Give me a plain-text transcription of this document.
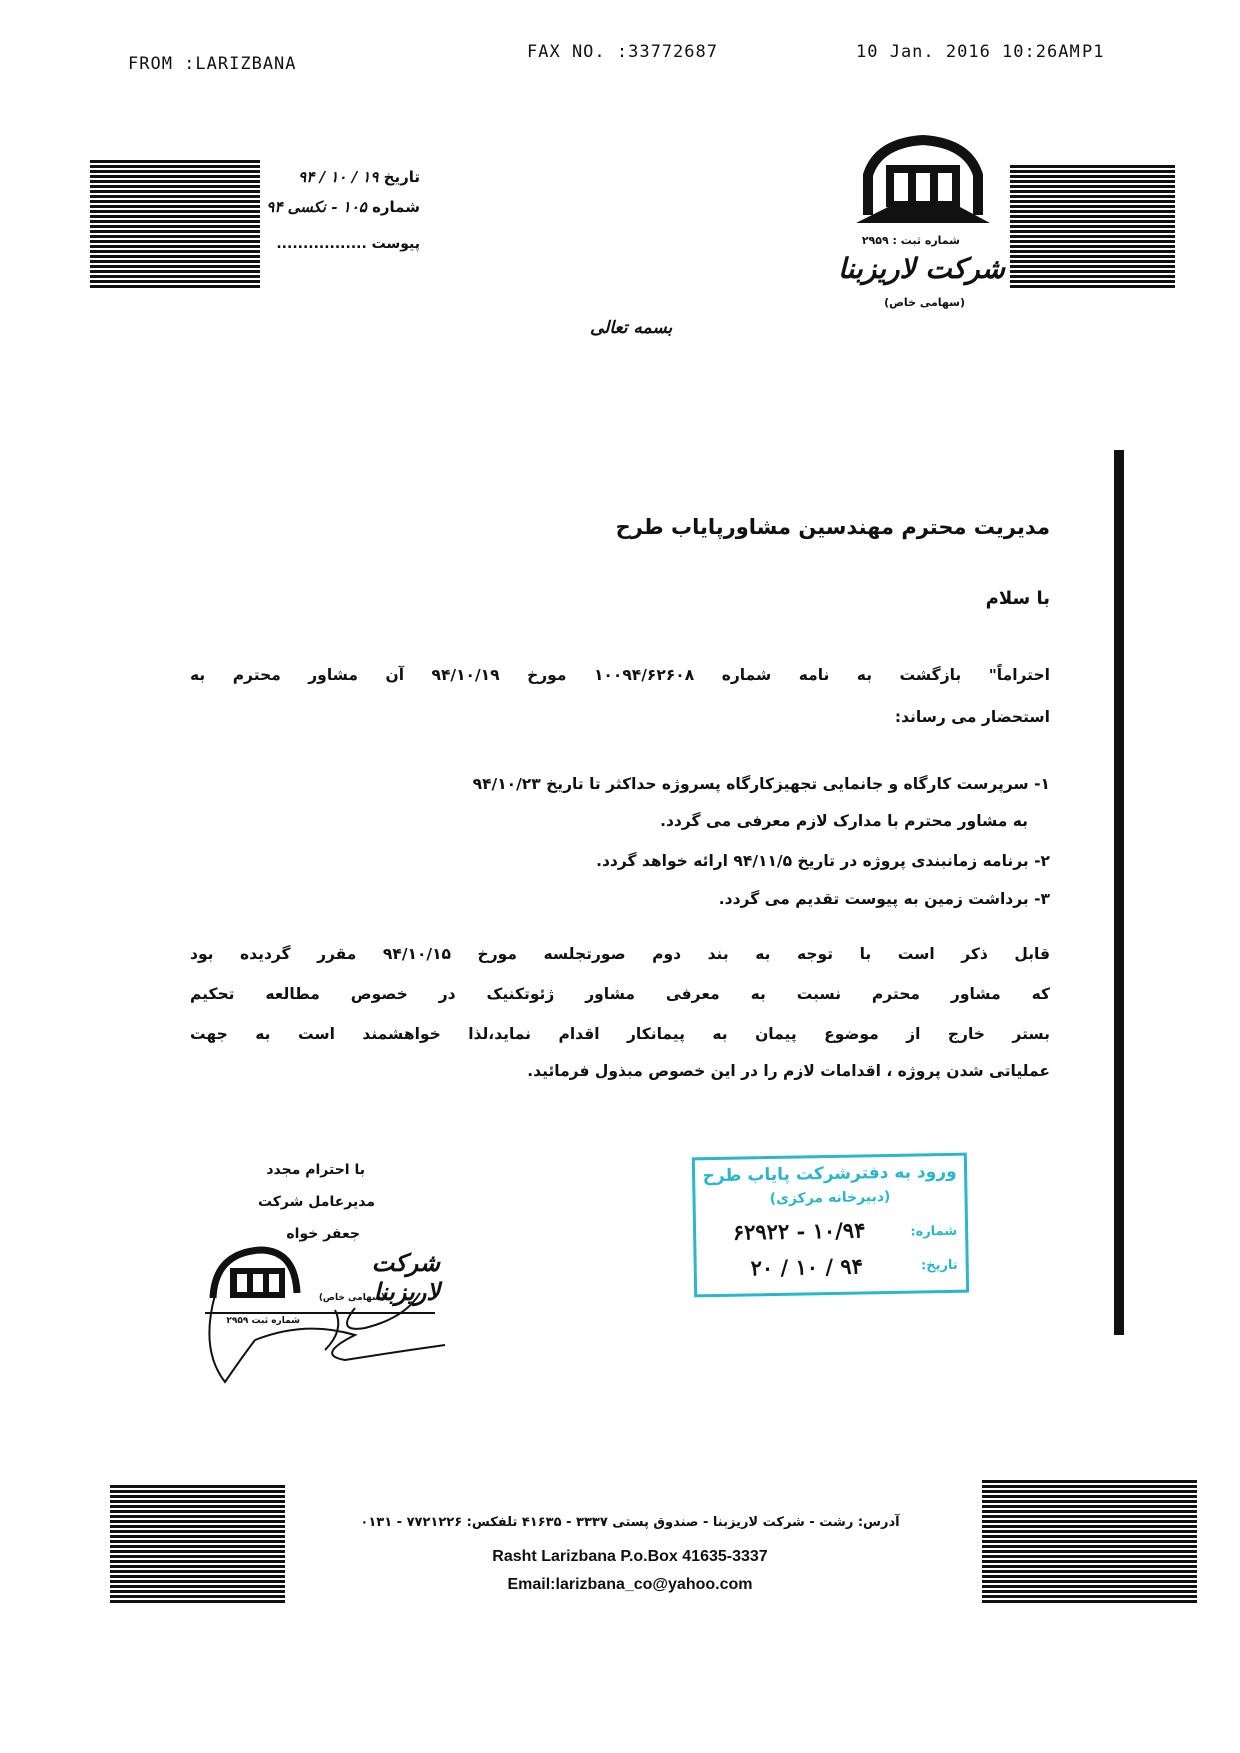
FROM :LARIZBANA
FAX NO. :33772687	10 Jan. 2016 10:26AM P1
تاریخ ۱۹ / ۱۰ / ۹۴
شماره ۱۰۵ - نکسی ۹۴
پیوست .................	شماره ثبت : ۲۹۵۹
شرکت لاریزبنا
(سهامی خاص)
بسمه تعالی
مدیریت محترم مهندسین مشاورپایاب طرح
با سلام
احتراماً" بازگشت به نامه شماره ۱۰۰۹۴/۶۲۶۰۸ مورخ ۹۴/۱۰/۱۹ آن مشاور محترم به
استحضار می رساند:
۱- سرپرست کارگاه و جانمایی تجهیزکارگاه پسروژه حداکثر تا تاریخ ۹۴/۱۰/۲۳
به مشاور محترم با مدارک لازم معرفی می گردد.
۲- برنامه زمانبندی پروژه در تاریخ ۹۴/۱۱/۵ ارائه خواهد گردد.
۳- برداشت زمین به پیوست تقدیم می گردد.
قابل ذکر است با توجه به بند دوم صورتجلسه مورخ ۹۴/۱۰/۱۵ مقرر گردیده بود
که مشاور محترم نسبت به معرفی مشاور ژئوتکنیک در خصوص مطالعه تحکیم
بستر خارج از موضوع پیمان به پیمانکار اقدام نماید،لذا خواهشمند است به جهت
عملیاتی شدن پروژه ، اقدامات لازم را در این خصوص مبذول فرمائید.
با احترام مجدد
مدیرعامل شرکت
جعفر خواه
شرکت لاریزبنا
(سهامی خاص)
شماره ثبت ۲۹۵۹
ورود به دفترشرکت پایاب طرح
(دبیرخانه مرکزی)
شماره:
۱۰/۹۴ - ۶۲۹۲۲
تاریخ:
۹۴ / ۱۰ / ۲۰
آدرس: رشت - شرکت لاریزبنا - صندوق پستی ۳۳۳۷ - ۴۱۶۳۵ تلفکس: ۷۷۲۱۲۲۶ - ۰۱۳۱
Rasht Larizbana P.o.Box 41635-3337
Email:larizbana_co@yahoo.com
